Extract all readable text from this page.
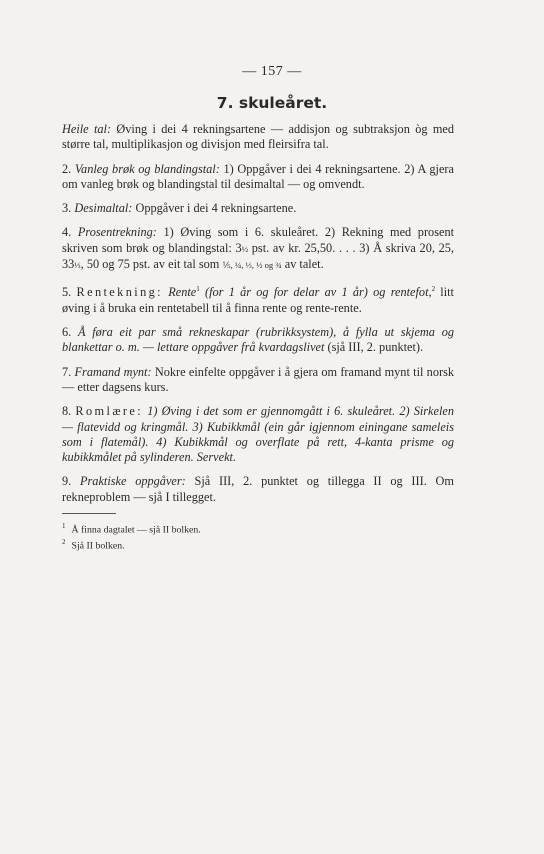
— 157 —
7. skuleåret.

Heile tal: Øving i dei 4 rekningsartene — addisjon og subtraksjon òg med større tal, multiplikasjon og divisjon med fleirsifra tal.

2. Vanleg brøk og blandingstal: 1) Oppgåver i dei 4 rekningsartene. 2) A gjera om vanleg brøk og blandingstal til desimaltal — og omvendt.

3. Desimaltal: Oppgåver i dei 4 rekningsartene.

4. Prosentrekning: 1) Øving som i 6. skuleåret. 2) Rekning med prosent skriven som brøk og blandingstal: 3½ pst. av kr. 25,50. . . . 3) Å skriva 20, 25, 33⅓, 50 og 75 pst. av eit tal som ⅕, ¼, ⅓, ½ og ¾ av talet.

5. Rentekning: Rente$^1$ (for 1 år og for delar av 1 år) og rentefot,$^2$ litt øving i å bruka ein rentetabell til å finna rente og rente-rente.

6. Å føra eit par små rekneskapar (rubrikksystem), å fylla ut skjema og blankettar o. m. — lettare oppgåver frå kvardagslivet (sjå III, 2. punktet).

7. Framand mynt: Nokre einfelte oppgåver i å gjera om framand mynt til norsk — etter dagsens kurs.

8. Romlære: 1) Øving i det som er gjennomgått i 6. skuleåret. 2) Sirkelen — flatevidd og kringmål. 3) Kubikkmål (ein går igjennom einingane sameleis som i flatemål). 4) Kubikkmål og overflate på rett, 4-kanta prisme og kubikkmålet på sylinderen. Servekt.

9. Praktiske oppgåver: Sjå III, 2. punktet og tillegga II og III. Om rekneproblem — sjå I tillegget.

$^1$ Å finna dagtalet — sjå II bolken.
$^2$ Sjå II bolken.
